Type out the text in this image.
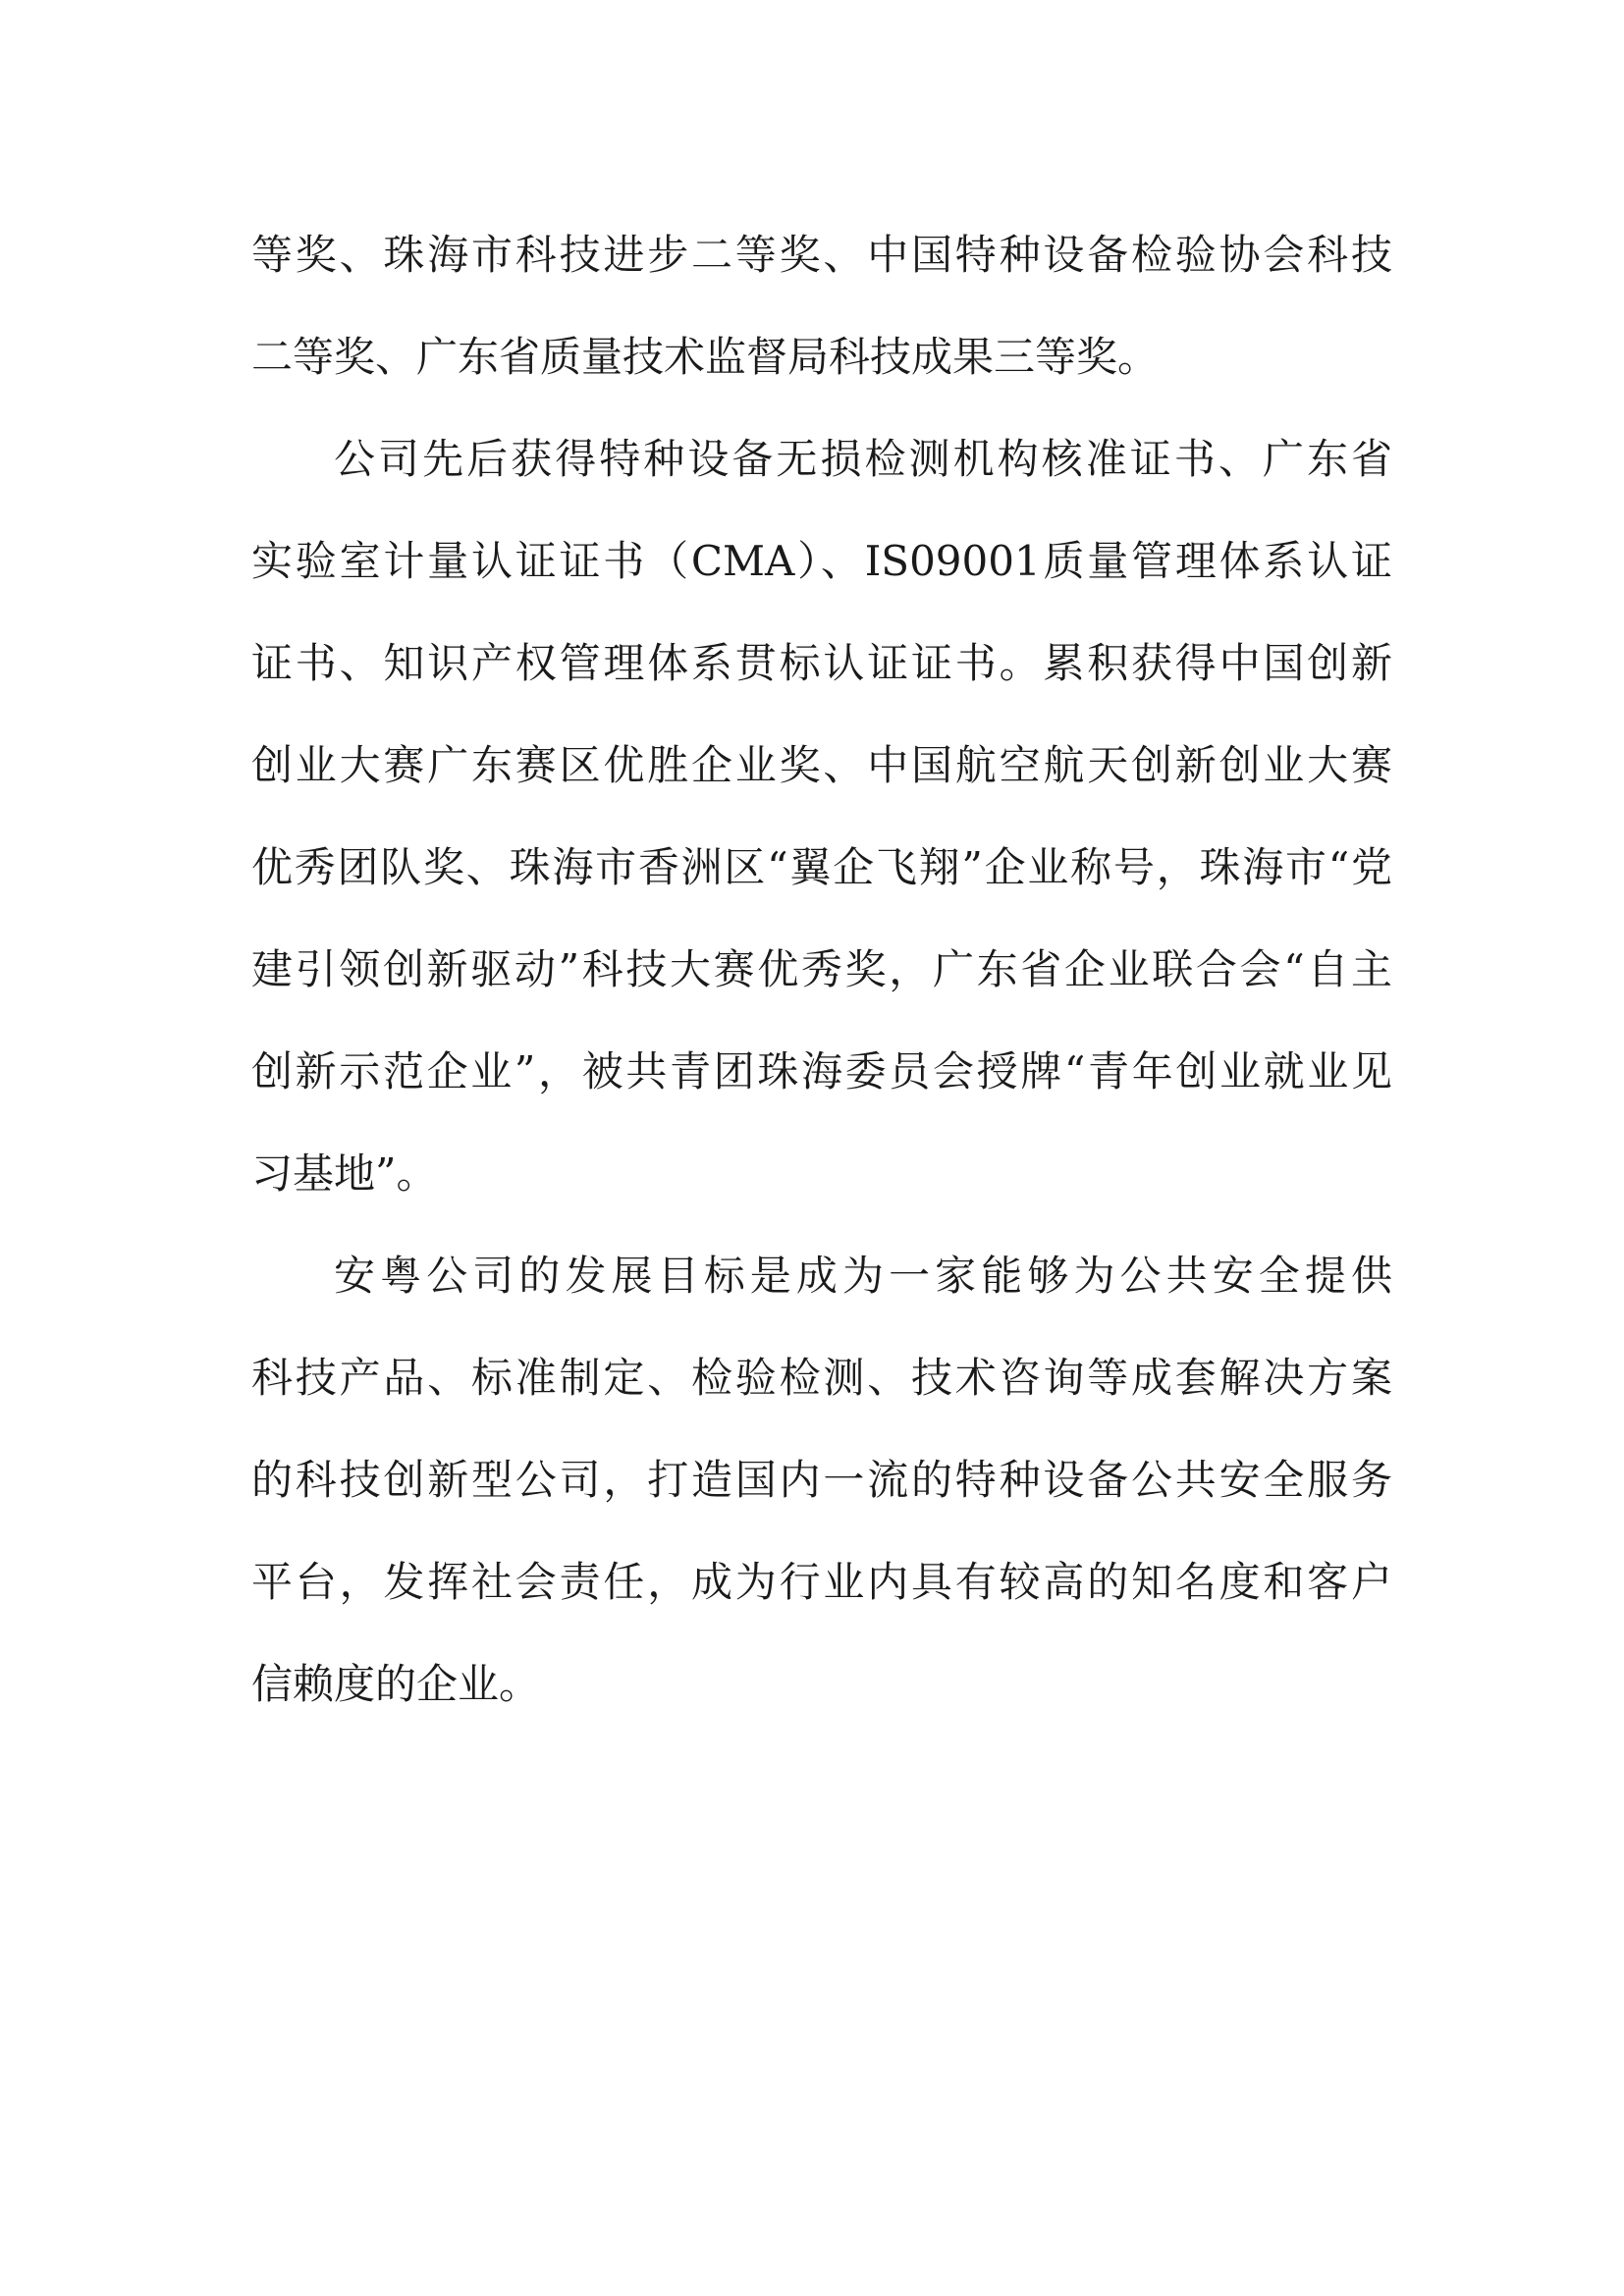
等奖、珠海市科技进步二等奖、中国特种设备检验协会科技
二等奖、广东省质量技术监督局科技成果三等奖。
公司先后获得特种设备无损检测机构核准证书、广东省
实验室计量认证证书（CMA）、IS09001质量管理体系认证
证书、知识产权管理体系贯标认证证书。累积获得中国创新
创业大赛广东赛区优胜企业奖、中国航空航天创新创业大赛
优秀团队奖、珠海市香洲区“翼企飞翔”企业称号，珠海市“党
建引领创新驱动”科技大赛优秀奖，广东省企业联合会“自主
创新示范企业”，被共青团珠海委员会授牌“青年创业就业见
习基地”。
安粤公司的发展目标是成为一家能够为公共安全提供
科技产品、标准制定、检验检测、技术咨询等成套解决方案
的科技创新型公司，打造国内一流的特种设备公共安全服务
平台，发挥社会责任，成为行业内具有较高的知名度和客户
信赖度的企业。
